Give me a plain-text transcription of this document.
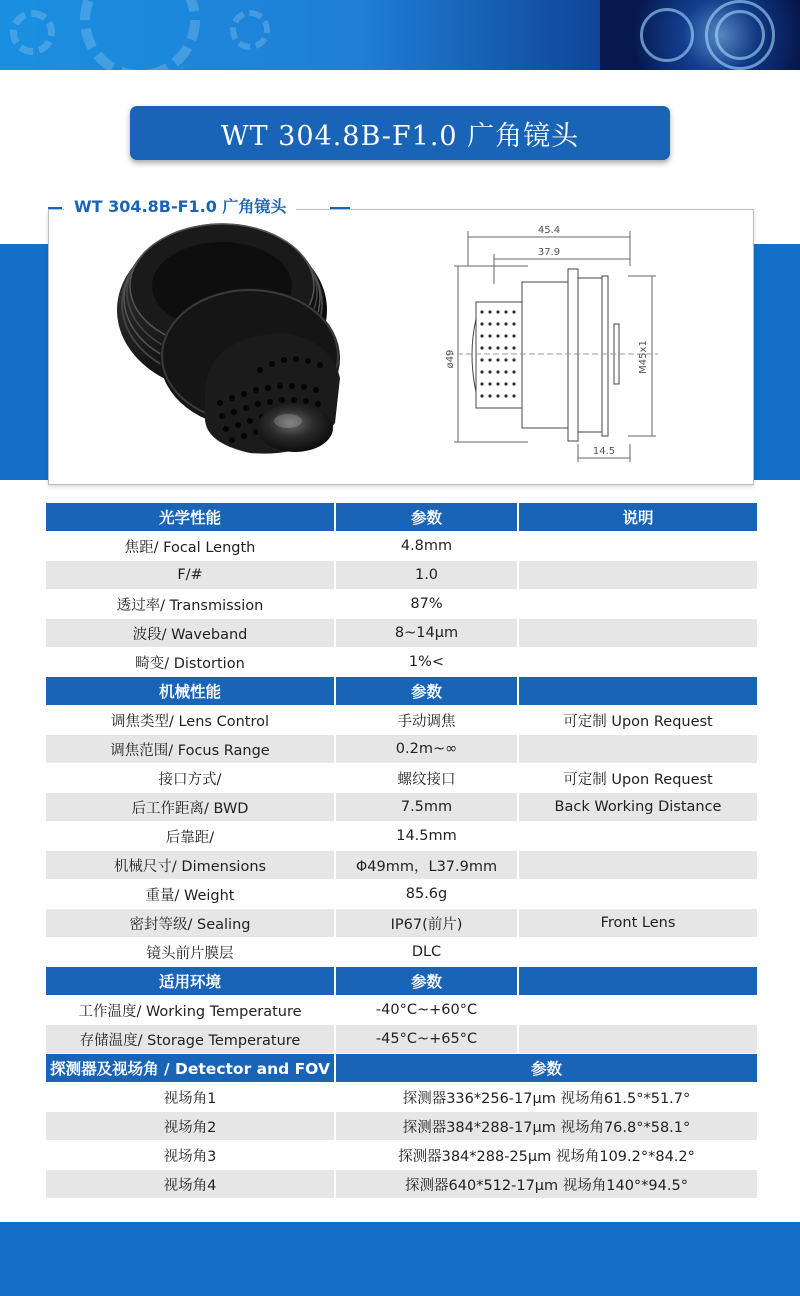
WT 304.8B-F1.0 广角镜头
WT 304.8B-F1.0 广角镜头
45.4
37.9
ø49	M45x1
14.5
光学性能	参数	说明
焦距/ Focal Length	4.8mm
F/#	1.0
透过率/ Transmission	87%
波段/ Waveband	8~14μm
畸变/ Distortion	1%<
机械性能	参数
调焦类型/ Lens Control	手动调焦	可定制 Upon Request
调焦范围/ Focus Range	0.2m~∞
接口方式/	螺纹接口	可定制 Upon Request
后工作距离/ BWD	7.5mm	Back Working Distance
后靠距/	14.5mm
机械尺寸/ Dimensions	Φ49mm，L37.9mm
重量/ Weight	85.6g
密封等级/ Sealing	IP67(前片)	Front Lens
镜头前片膜层	DLC
适用环境	参数
工作温度/ Working Temperature	-40°C~+60°C
存储温度/ Storage Temperature	-45°C~+65°C
探测器及视场角 / Detector and FOV	参数
视场角1	探测器336*256-17μm 视场角61.5°*51.7°
视场角2	探测器384*288-17μm 视场角76.8°*58.1°
视场角3	探测器384*288-25μm 视场角109.2°*84.2°
视场角4	探测器640*512-17μm 视场角140°*94.5°
